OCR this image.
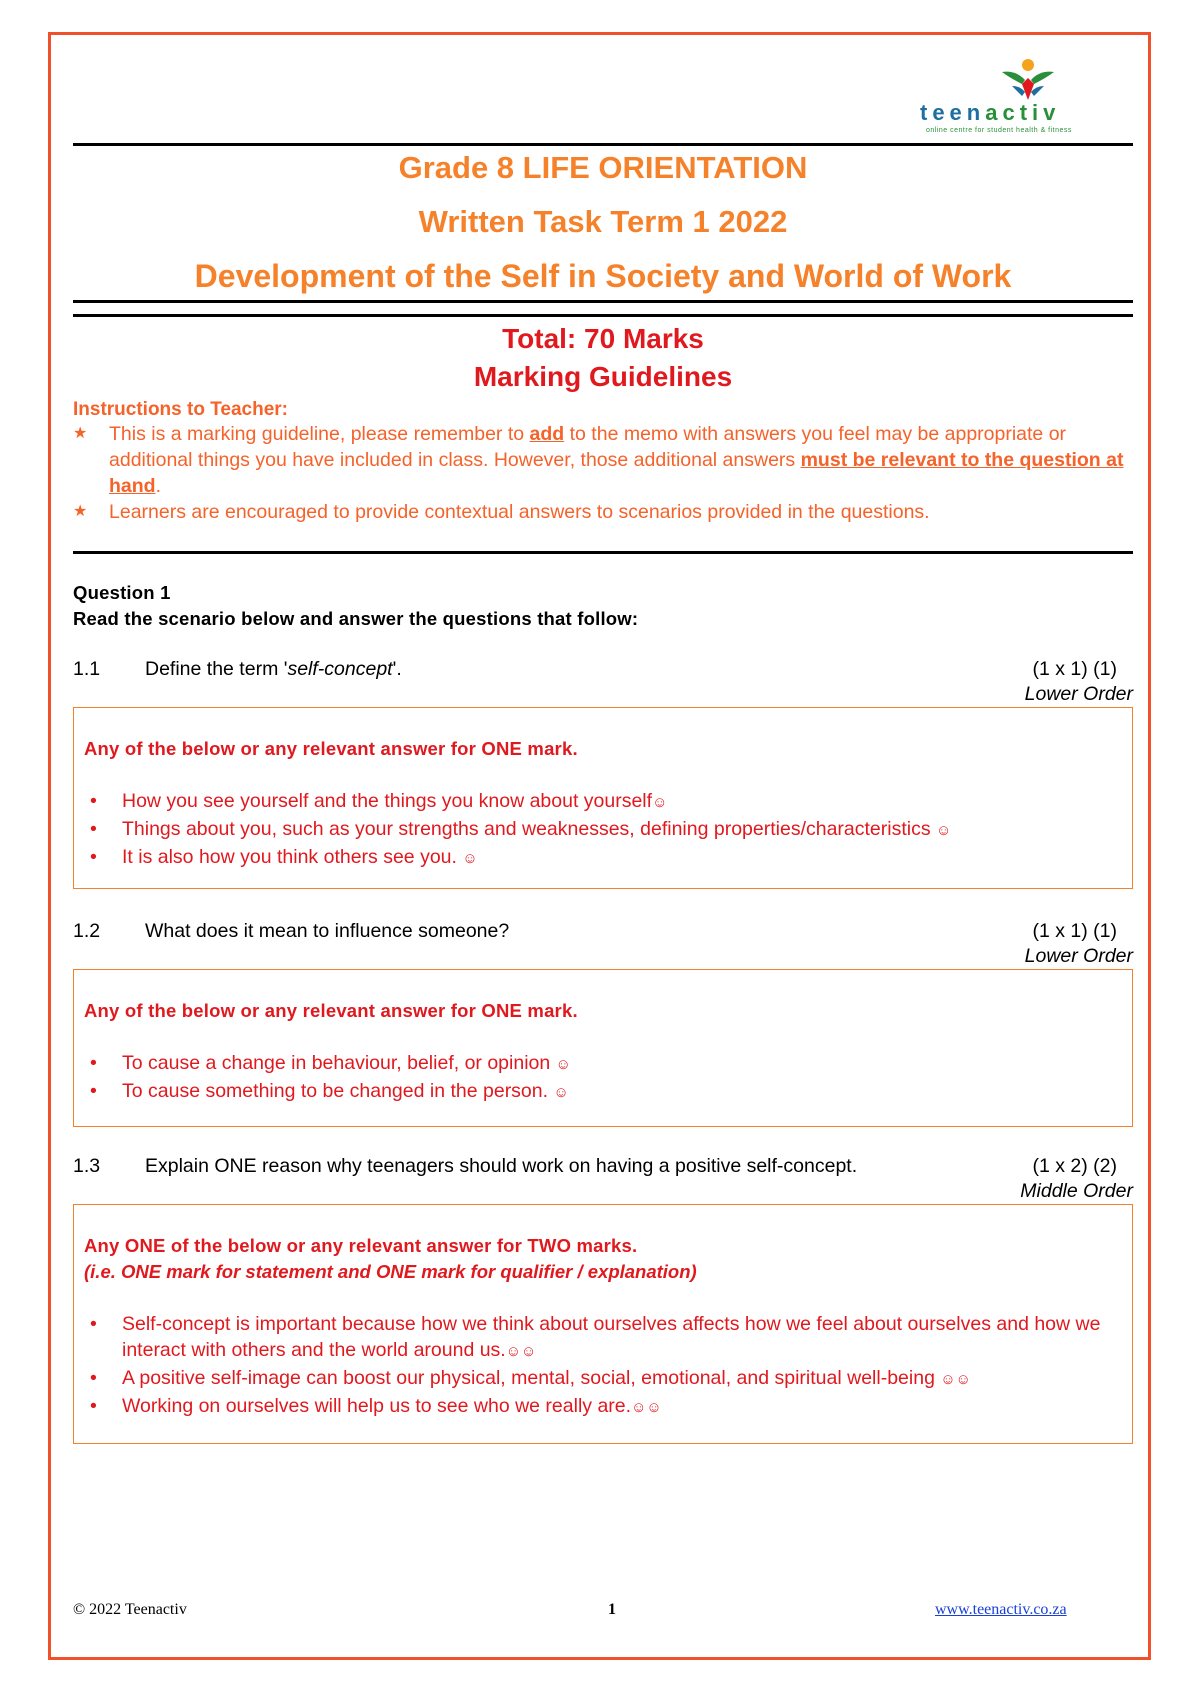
teenactiv
online centre for student health & fitness
Grade 8 LIFE ORIENTATION
Written Task Term 1 2022
Development of the Self in Society and World of Work
Total: 70 Marks
Marking Guidelines
Instructions to Teacher:
★ This is a marking guideline, please remember to add to the memo with answers you feel may be appropriate or additional things you have included in class. However, those additional answers must be relevant to the question at hand.
★ Learners are encouraged to provide contextual answers to scenarios provided in the questions.
Question 1
Read the scenario below and answer the questions that follow:
1.1 Define the term 'self-concept'.	(1 x 1) (1)
Lower Order
Any of the below or any relevant answer for ONE mark.
• How you see yourself and the things you know about yourself☺
• Things about you, such as your strengths and weaknesses, defining properties/characteristics ☺
• It is also how you think others see you. ☺
1.2 What does it mean to influence someone?	(1 x 1) (1)
Lower Order
Any of the below or any relevant answer for ONE mark.
• To cause a change in behaviour, belief, or opinion ☺
• To cause something to be changed in the person. ☺
1.3 Explain ONE reason why teenagers should work on having a positive self-concept.	(1 x 2) (2)
Middle Order
Any ONE of the below or any relevant answer for TWO marks.
(i.e. ONE mark for statement and ONE mark for qualifier / explanation)
• Self-concept is important because how we think about ourselves affects how we feel about ourselves and how we interact with others and the world around us.☺☺
• A positive self-image can boost our physical, mental, social, emotional, and spiritual well-being ☺☺
• Working on ourselves will help us to see who we really are.☺☺
© 2022 Teenactiv	1	www.teenactiv.co.za
